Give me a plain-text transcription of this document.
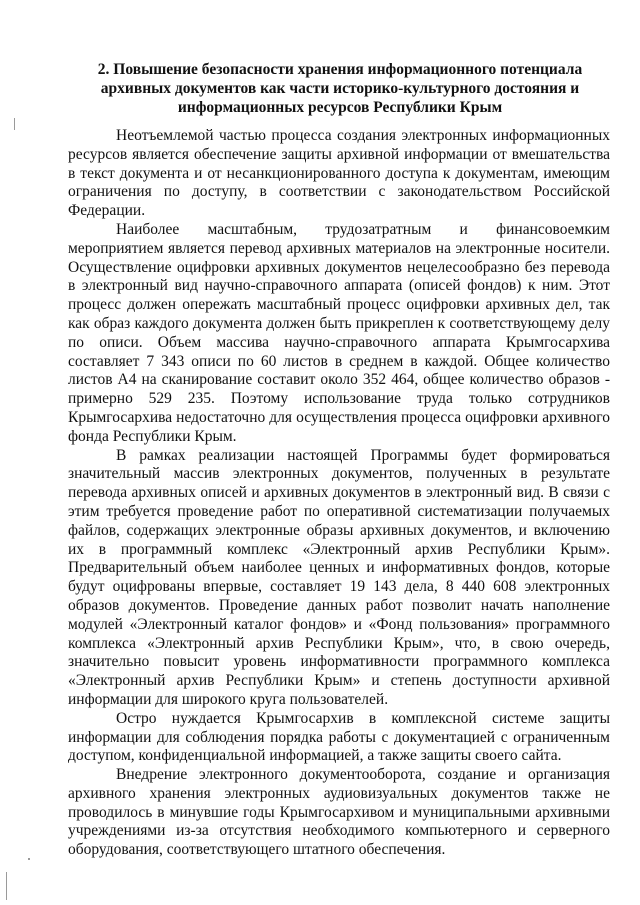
2. Повышение безопасности хранения информационного потенциала
архивных документов как части историко-культурного достояния и
информационных ресурсов Республики Крым

Неотъемлемой частью процесса создания электронных информационных ресурсов является обеспечение защиты архивной информации от вмешательства в текст документа и от несанкционированного доступа к документам, имеющим ограничения по доступу, в соответствии с законодательством Российской Федерации.

Наиболее масштабным, трудозатратным и финансовоемким мероприятием является перевод архивных материалов на электронные носители. Осуществление оцифровки архивных документов нецелесообразно без перевода в электронный вид научно-справочного аппарата (описей фондов) к ним. Этот процесс должен опережать масштабный процесс оцифровки архивных дел, так как образ каждого документа должен быть прикреплен к соответствующему делу по описи. Объем массива научно-справочного аппарата Крымгосархива составляет 7 343 описи по 60 листов в среднем в каждой. Общее количество листов А4 на сканирование составит около 352 464, общее количество образов - примерно 529 235. Поэтому использование труда только сотрудников Крымгосархива недостаточно для осуществления процесса оцифровки архивного фонда Республики Крым.

В рамках реализации настоящей Программы будет формироваться значительный массив электронных документов, полученных в результате перевода архивных описей и архивных документов в электронный вид. В связи с этим требуется проведение работ по оперативной систематизации получаемых файлов, содержащих электронные образы архивных документов, и включению их в программный комплекс «Электронный архив Республики Крым». Предварительный объем наиболее ценных и информативных фондов, которые будут оцифрованы впервые, составляет 19 143 дела, 8 440 608 электронных образов документов. Проведение данных работ позволит начать наполнение модулей «Электронный каталог фондов» и «Фонд пользования» программного комплекса «Электронный архив Республики Крым», что, в свою очередь, значительно повысит уровень информативности программного комплекса «Электронный архив Республики Крым» и степень доступности архивной информации для широкого круга пользователей.

Остро нуждается Крымгосархив в комплексной системе защиты информации для соблюдения порядка работы с документацией с ограниченным доступом, конфиденциальной информацией, а также защиты своего сайта.

Внедрение электронного документооборота, создание и организация архивного хранения электронных аудиовизуальных документов также не проводилось в минувшие годы Крымгосархивом и муниципальными архивными учреждениями из-за отсутствия необходимого компьютерного и серверного оборудования, соответствующего штатного обеспечения.
